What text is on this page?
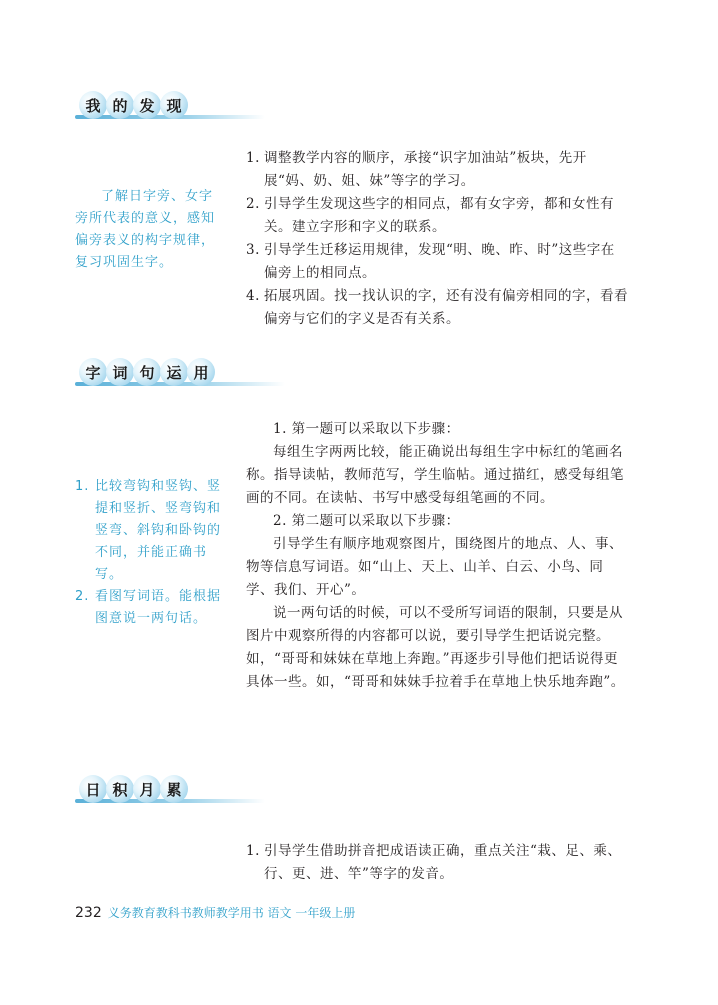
我 的 发 现

了解日字旁、女字旁所代表的意义，感知偏旁表义的构字规律，复习巩固生字。

1. 调整教学内容的顺序，承接“识字加油站”板块，先开展“妈、奶、姐、妹”等字的学习。
2. 引导学生发现这些字的相同点，都有女字旁，都和女性有关。建立字形和字义的联系。
3. 引导学生迁移运用规律，发现“明、晚、昨、时”这些字在偏旁上的相同点。
4. 拓展巩固。找一找认识的字，还有没有偏旁相同的字，看看偏旁与它们的字义是否有关系。
字 词 句 运 用
1. 比较弯钩和竖钩、竖提和竖折、竖弯钩和竖弯、斜钩和卧钩的不同，并能正确书写。
2. 看图写词语。能根据图意说一两句话。

1. 第一题可以采取以下步骤：

每组生字两两比较，能正确说出每组生字中标红的笔画名称。指导读帖，教师范写，学生临帖。通过描红，感受每组笔画的不同。在读帖、书写中感受每组笔画的不同。

2. 第二题可以采取以下步骤：

引导学生有顺序地观察图片，围绕图片的地点、人、事、物等信息写词语。如“山上、天上、山羊、白云、小鸟、同学、我们、开心”。

说一两句话的时候，可以不受所写词语的限制，只要是从图片中观察所得的内容都可以说，要引导学生把话说完整。如，“哥哥和妹妹在草地上奔跑。”再逐步引导他们把话说得更具体一些。如，“哥哥和妹妹手拉着手在草地上快乐地奔跑”。

日 积 月 累
1. 引导学生借助拼音把成语读正确，重点关注“栽、足、乘、行、更、进、竿”等字的发音。
232 义务教育教科书教师教学用书 语文 一年级上册
